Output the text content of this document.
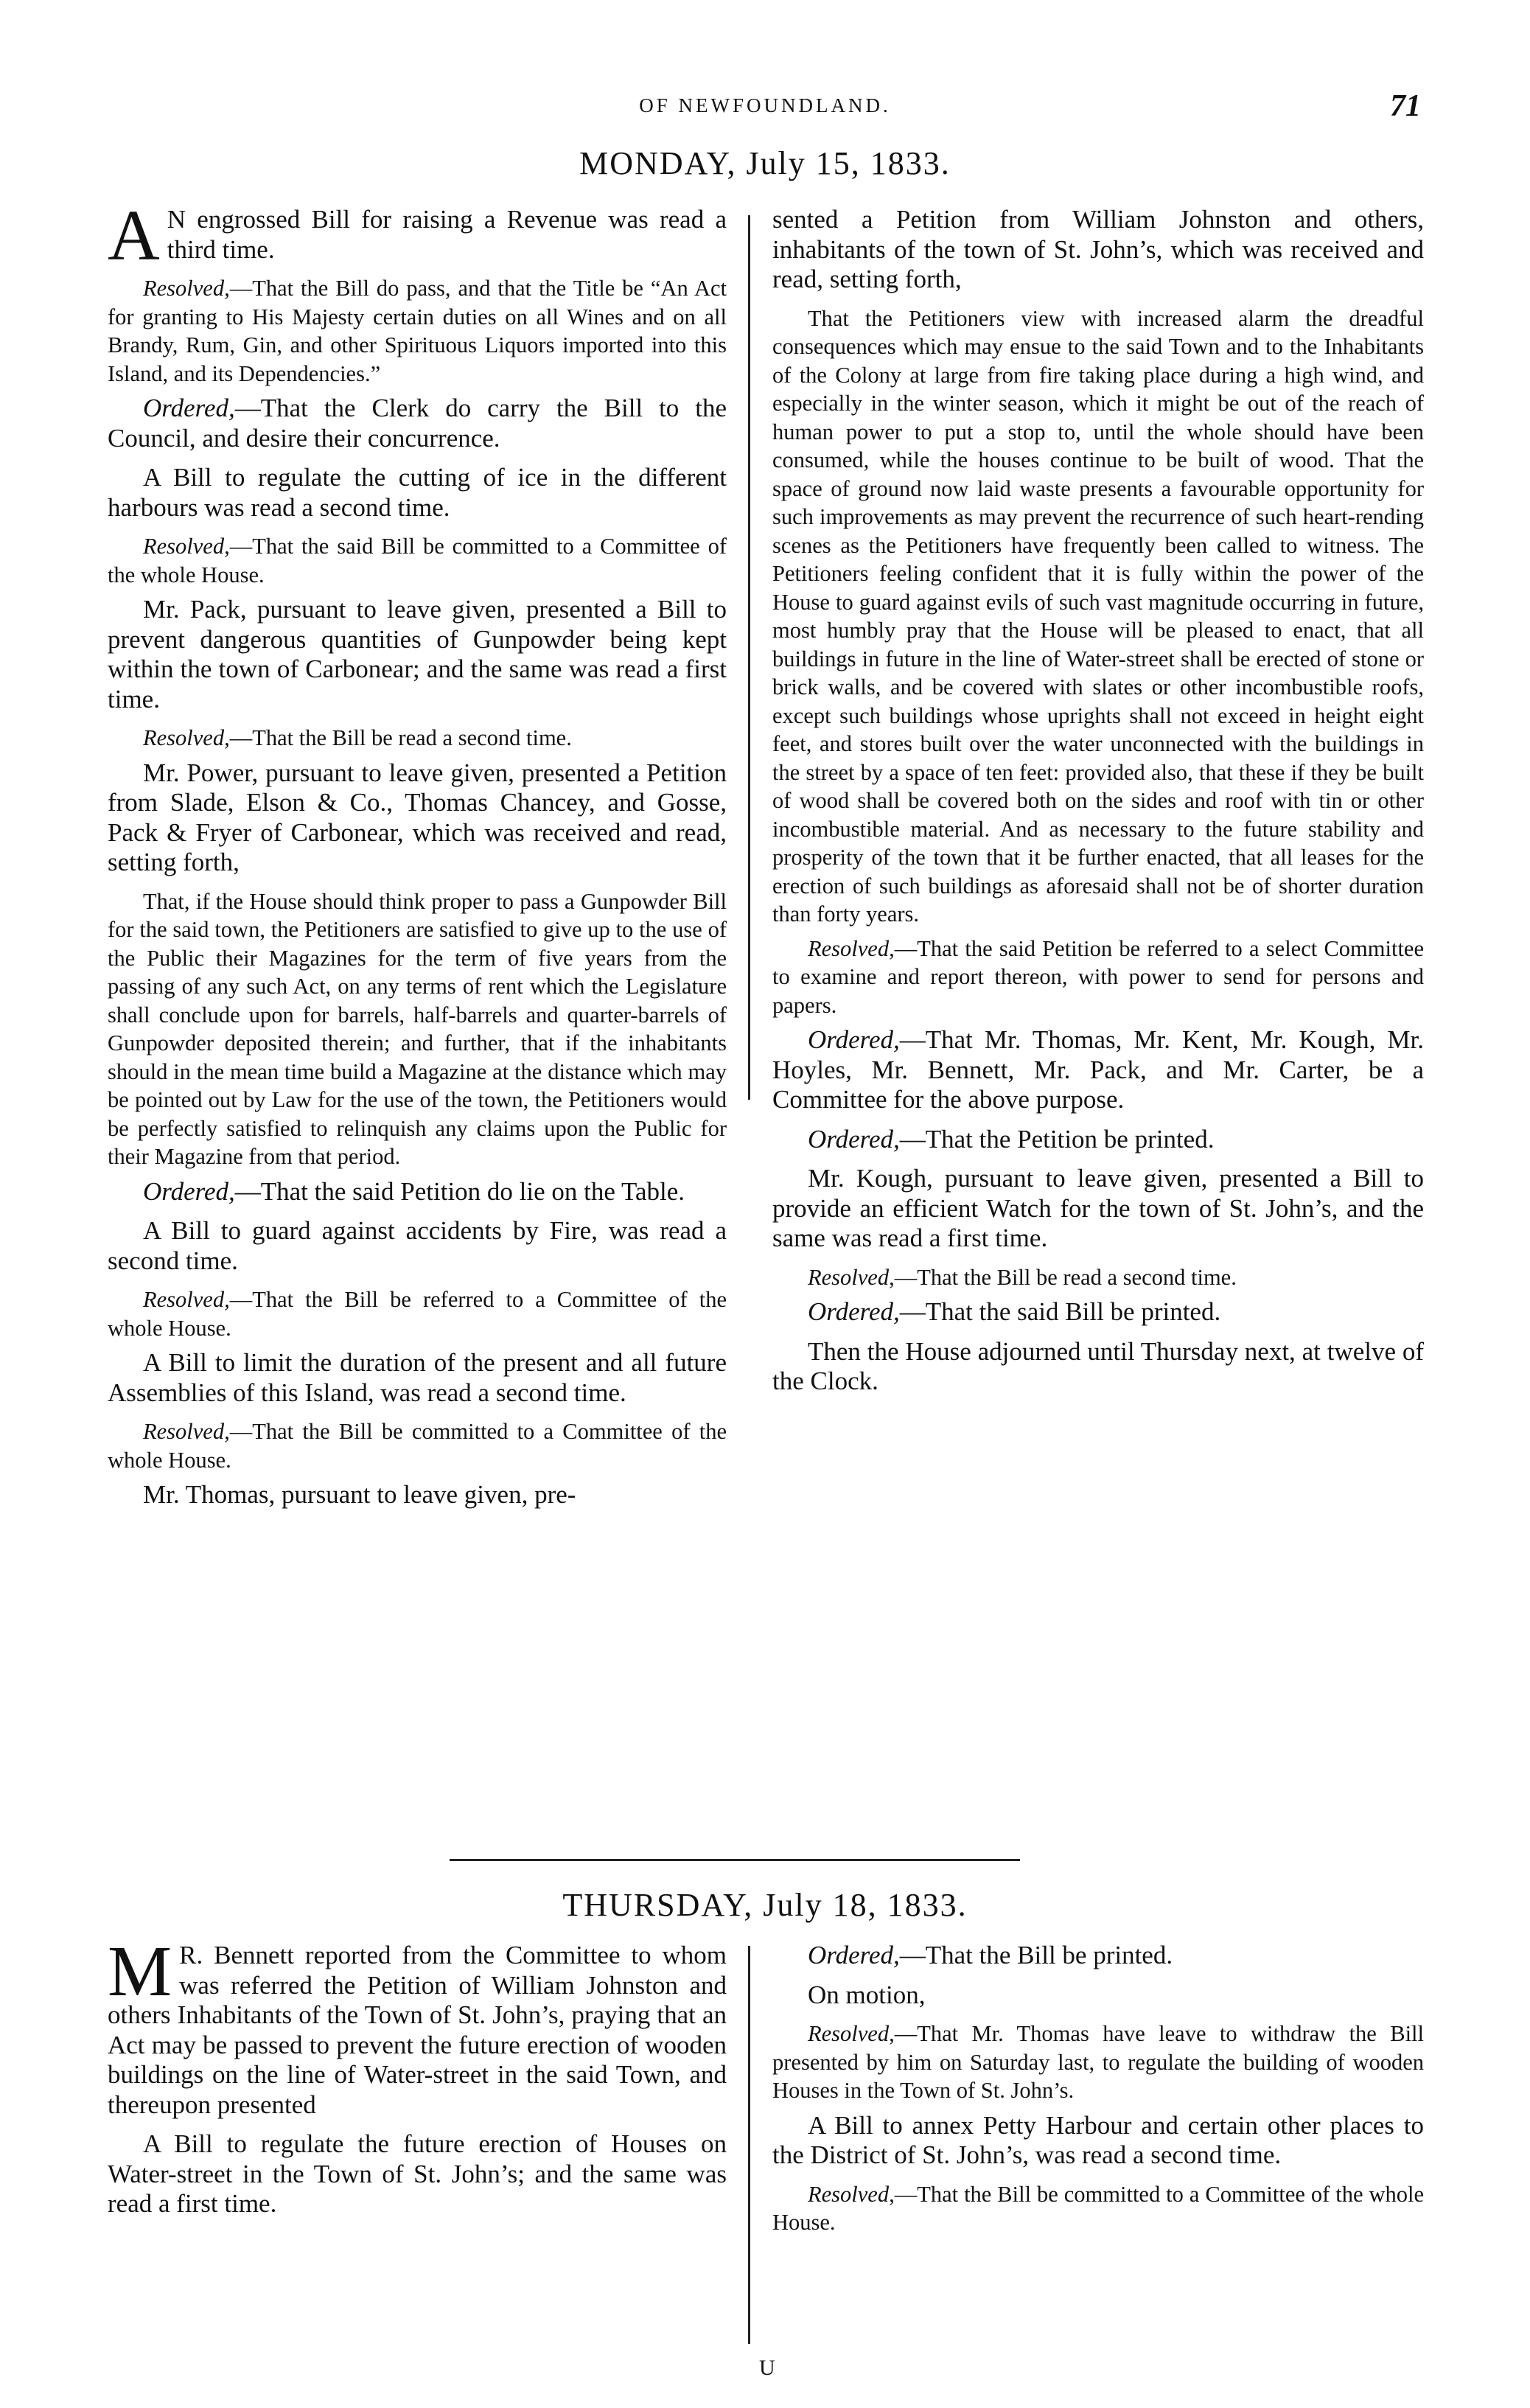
OF NEWFOUNDLAND.	71
MONDAY, July 15, 1833.

A N engrossed Bill for raising a Revenue was read a third time.

Resolved,—That the Bill do pass, and that the Title be “An Act for granting to His Majesty certain duties on all Wines and on all Brandy, Rum, Gin, and other Spirituous Liquors imported into this Island, and its Dependencies.”

Ordered,—That the Clerk do carry the Bill to the Council, and desire their concurrence.

A Bill to regulate the cutting of ice in the different harbours was read a second time.

Resolved,—That the said Bill be committed to a Committee of the whole House.

Mr. Pack, pursuant to leave given, presented a Bill to prevent dangerous quantities of Gunpowder being kept within the town of Carbonear; and the same was read a first time.

Resolved,—That the Bill be read a second time.

Mr. Power, pursuant to leave given, presented a Petition from Slade, Elson & Co., Thomas Chancey, and Gosse, Pack & Fryer of Carbonear, which was received and read, setting forth,

That, if the House should think proper to pass a Gunpowder Bill for the said town, the Petitioners are satisfied to give up to the use of the Public their Magazines for the term of five years from the passing of any such Act, on any terms of rent which the Legislature shall conclude upon for barrels, half-barrels and quarter-barrels of Gunpowder deposited therein; and further, that if the inhabitants should in the mean time build a Magazine at the distance which may be pointed out by Law for the use of the town, the Petitioners would be perfectly satisfied to relinquish any claims upon the Public for their Magazine from that period.

Ordered,—That the said Petition do lie on the Table.

A Bill to guard against accidents by Fire, was read a second time.

Resolved,—That the Bill be referred to a Committee of the whole House.

A Bill to limit the duration of the present and all future Assemblies of this Island, was read a second time.

Resolved,—That the Bill be committed to a Committee of the whole House.

Mr. Thomas, pursuant to leave given, pre-

sented a Petition from William Johnston and others, inhabitants of the town of St. John’s, which was received and read, setting forth,

That the Petitioners view with increased alarm the dreadful consequences which may ensue to the said Town and to the Inhabitants of the Colony at large from fire taking place during a high wind, and especially in the winter season, which it might be out of the reach of human power to put a stop to, until the whole should have been consumed, while the houses continue to be built of wood. That the space of ground now laid waste presents a favourable opportunity for such improvements as may prevent the recurrence of such heart-rending scenes as the Petitioners have frequently been called to witness. The Petitioners feeling confident that it is fully within the power of the House to guard against evils of such vast magnitude occurring in future, most humbly pray that the House will be pleased to enact, that all buildings in future in the line of Water-street shall be erected of stone or brick walls, and be covered with slates or other incombustible roofs, except such buildings whose uprights shall not exceed in height eight feet, and stores built over the water unconnected with the buildings in the street by a space of ten feet: provided also, that these if they be built of wood shall be covered both on the sides and roof with tin or other incombustible material. And as necessary to the future stability and prosperity of the town that it be further enacted, that all leases for the erection of such buildings as aforesaid shall not be of shorter duration than forty years.

Resolved,—That the said Petition be referred to a select Committee to examine and report thereon, with power to send for persons and papers.

Ordered,—That Mr. Thomas, Mr. Kent, Mr. Kough, Mr. Hoyles, Mr. Bennett, Mr. Pack, and Mr. Carter, be a Committee for the above purpose.

Ordered,—That the Petition be printed.

Mr. Kough, pursuant to leave given, presented a Bill to provide an efficient Watch for the town of St. John’s, and the same was read a first time.

Resolved,—That the Bill be read a second time.

Ordered,—That the said Bill be printed.

Then the House adjourned until Thursday next, at twelve of the Clock.

THURSDAY, July 18, 1833.

M R. Bennett reported from the Committee to whom was referred the Petition of William Johnston and others Inhabitants of the Town of St. John’s, praying that an Act may be passed to prevent the future erection of wooden buildings on the line of Water-street in the said Town, and thereupon presented

A Bill to regulate the future erection of Houses on Water-street in the Town of St. John’s; and the same was read a first time.

Ordered,—That the Bill be printed.

On motion,

Resolved,—That Mr. Thomas have leave to withdraw the Bill presented by him on Saturday last, to regulate the building of wooden Houses in the Town of St. John’s.

A Bill to annex Petty Harbour and certain other places to the District of St. John’s, was read a second time.

Resolved,—That the Bill be committed to a Committee of the whole House.

U
